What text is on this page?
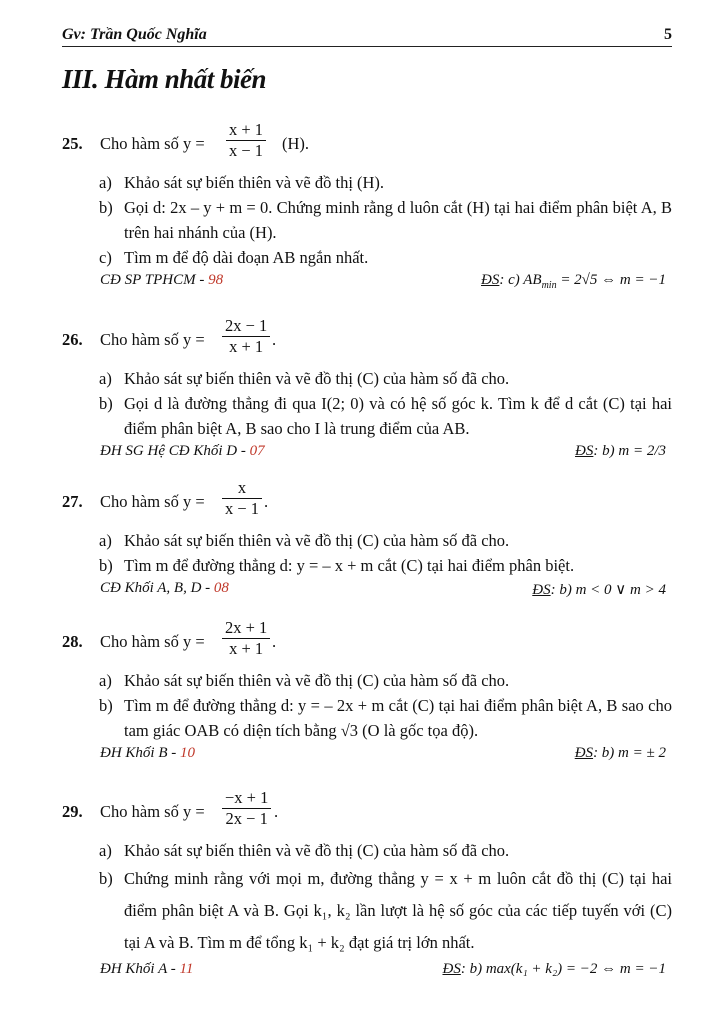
Gv: Trần Quốc Nghĩa	5
III. Hàm nhất biến
25. Cho hàm số y =
x + 1
x − 1 (H).
a) Khảo sát sự biến thiên và vẽ đồ thị (H).
b) Gọi d: 2x – y + m = 0. Chứng minh rằng d luôn cắt (H) tại hai điểm phân biệt A, B trên hai nhánh của (H).
c) Tìm m để độ dài đoạn AB ngắn nhất.
CĐ SP TPHCM - 98	ĐS: c) $AB_{min} = 2√5$ ⇔ m = −1
26. Cho hàm số y =
2x − 1
x + 1 .
a) Khảo sát sự biến thiên và vẽ đồ thị (C) của hàm số đã cho.
b) Gọi d là đường thẳng đi qua I(2; 0) và có hệ số góc k. Tìm k để d cắt (C) tại hai điểm phân biệt A, B sao cho I là trung điểm của AB.
ĐH SG Hệ CĐ Khối D - 07	ĐS: b) m = 2/3
27. Cho hàm số y =
x
x − 1 .
a) Khảo sát sự biến thiên và vẽ đồ thị (C) của hàm số đã cho.
b) Tìm m để đường thẳng d: y = – x + m cắt (C) tại hai điểm phân biệt.
CĐ Khối A, B, D - 08	ĐS: b) m < 0 ∨ m > 4
28. Cho hàm số y =
2x + 1
x + 1 .
a) Khảo sát sự biến thiên và vẽ đồ thị (C) của hàm số đã cho.
b) Tìm m để đường thẳng d: y = – 2x + m cắt (C) tại hai điểm phân biệt A, B sao cho tam giác OAB có diện tích bằng √3 (O là gốc tọa độ).
ĐH Khối B - 10	ĐS: b) m = ± 2
29. Cho hàm số y =
−x + 1
2x − 1 .
a) Khảo sát sự biến thiên và vẽ đồ thị (C) của hàm số đã cho.
b) Chứng minh rằng với mọi m, đường thẳng y = x + m luôn cắt đồ thị (C) tại hai điểm phân biệt A và B. Gọi k₁, k₂ lần lượt là hệ số góc của các tiếp tuyến với (C) tại A và B. Tìm m để tổng k₁ + k₂ đạt giá trị lớn nhất.
ĐH Khối A - 11	ĐS: b) max(k₁ + k₂) = −2 ⇔ m = −1
